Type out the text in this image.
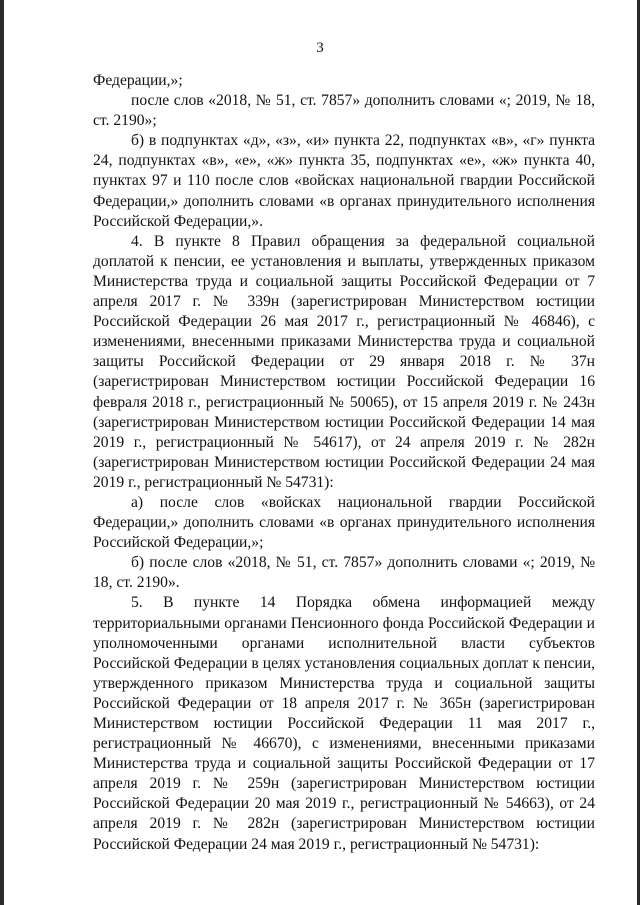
3

Федерации,»;

после слов «2018, № 51, ст. 7857» дополнить словами «; 2019, № 18, ст. 2190»;

б) в подпунктах «д», «з», «и» пункта 22, подпунктах «в», «г» пункта 24, подпунктах «в», «е», «ж» пункта 35, подпунктах «е», «ж» пункта 40, пунктах 97 и 110 после слов «войсках национальной гвардии Российской Федерации,» дополнить словами «в органах принудительного исполнения Российской Федерации,».

4. В пункте 8 Правил обращения за федеральной социальной доплатой к пенсии, ее установления и выплаты, утвержденных приказом Министерства труда и социальной защиты Российской Федерации от 7 апреля 2017 г. № 339н (зарегистрирован Министерством юстиции Российской Федерации 26 мая 2017 г., регистрационный № 46846), с изменениями, внесенными приказами Министерства труда и социальной защиты Российской Федерации от 29 января 2018 г. № 37н (зарегистрирован Министерством юстиции Российской Федерации 16 февраля 2018 г., регистрационный № 50065), от 15 апреля 2019 г. № 243н (зарегистрирован Министерством юстиции Российской Федерации 14 мая 2019 г., регистрационный № 54617), от 24 апреля 2019 г. № 282н (зарегистрирован Министерством юстиции Российской Федерации 24 мая 2019 г., регистрационный № 54731):

а) после слов «войсках национальной гвардии Российской Федерации,» дополнить словами «в органах принудительного исполнения Российской Федерации,»;

б) после слов «2018, № 51, ст. 7857» дополнить словами «; 2019, № 18, ст. 2190».

5. В пункте 14 Порядка обмена информацией между территориальными органами Пенсионного фонда Российской Федерации и уполномоченными органами исполнительной власти субъектов Российской Федерации в целях установления социальных доплат к пенсии, утвержденного приказом Министерства труда и социальной защиты Российской Федерации от 18 апреля 2017 г. № 365н (зарегистрирован Министерством юстиции Российской Федерации 11 мая 2017 г., регистрационный № 46670), с изменениями, внесенными приказами Министерства труда и социальной защиты Российской Федерации от 17 апреля 2019 г. № 259н (зарегистрирован Министерством юстиции Российской Федерации 20 мая 2019 г., регистрационный № 54663), от 24 апреля 2019 г. № 282н (зарегистрирован Министерством юстиции Российской Федерации 24 мая 2019 г., регистрационный № 54731):
